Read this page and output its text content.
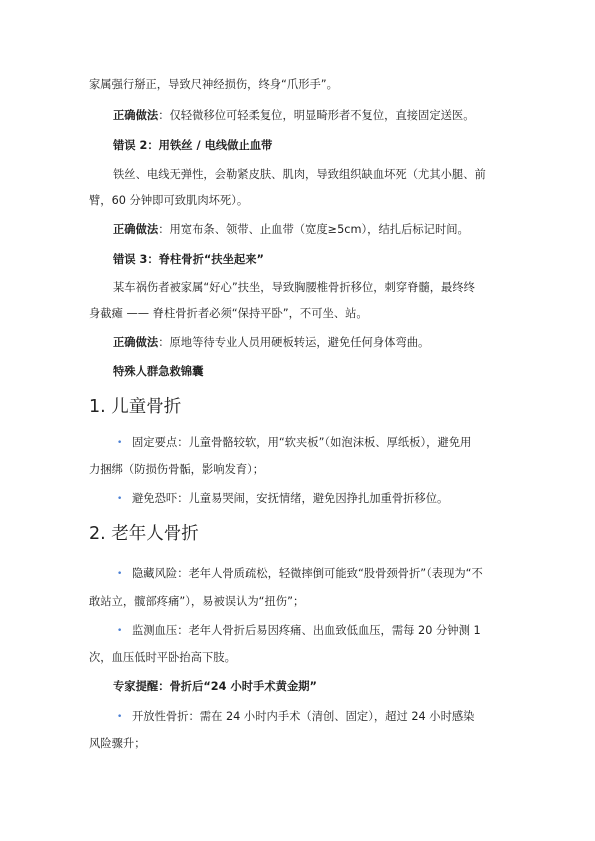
家属强行掰正，导致尺神经损伤，终身“爪形手”。
正确做法：仅轻微移位可轻柔复位，明显畸形者不复位，直接固定送医。
错误 2：用铁丝 / 电线做止血带
铁丝、电线无弹性，会勒紧皮肤、肌肉，导致组织缺血坏死（尤其小腿、前
臂，60 分钟即可致肌肉坏死）。
正确做法：用宽布条、领带、止血带（宽度≥5cm），结扎后标记时间。
错误 3：脊柱骨折“扶坐起来”
某车祸伤者被家属“好心”扶坐，导致胸腰椎骨折移位，刺穿脊髓，最终终
身截瘫 —— 脊柱骨折者必须“保持平卧”，不可坐、站。
正确做法：原地等待专业人员用硬板转运，避免任何身体弯曲。
特殊人群急救锦囊
1. 儿童骨折
• 固定要点：儿童骨骼较软，用“软夹板”（如泡沫板、厚纸板），避免用
力捆绑（防损伤骨骺，影响发育）；
• 避免恐吓：儿童易哭闹，安抚情绪，避免因挣扎加重骨折移位。
2. 老年人骨折
• 隐藏风险：老年人骨质疏松，轻微摔倒可能致“股骨颈骨折”（表现为“不
敢站立，髋部疼痛”），易被误认为“扭伤”；
• 监测血压：老年人骨折后易因疼痛、出血致低血压，需每 20 分钟测 1
次，血压低时平卧抬高下肢。
专家提醒：骨折后“24 小时手术黄金期”
• 开放性骨折：需在 24 小时内手术（清创、固定），超过 24 小时感染
风险骤升；
